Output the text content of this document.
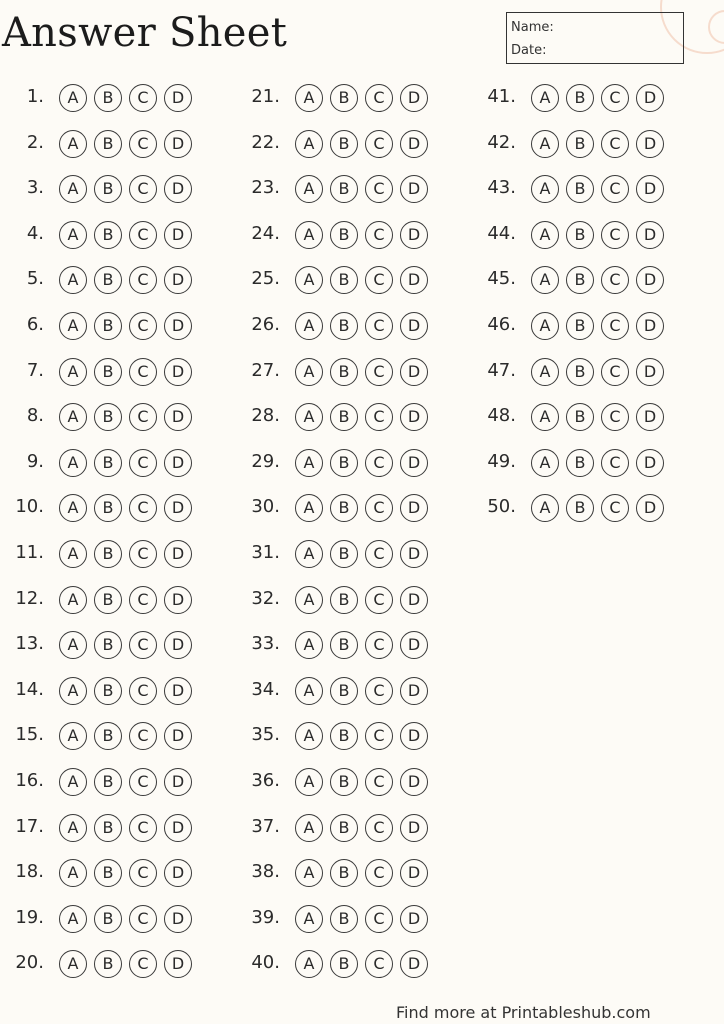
Answer Sheet	Name:
Date:
1.	A	B	C	D
2.	A	B	C	D
3.	A	B	C	D
4.	A	B	C	D
5.	A	B	C	D
6.	A	B	C	D
7.	A	B	C	D
8.	A	B	C	D
9.	A	B	C	D
10.	A	B	C	D
11.	A	B	C	D
12.	A	B	C	D
13.	A	B	C	D
14.	A	B	C	D
15.	A	B	C	D
16.	A	B	C	D
17.	A	B	C	D
18.	A	B	C	D
19.	A	B	C	D
20.	A	B	C	D
21.	A	B	C	D
22.	A	B	C	D
23.	A	B	C	D
24.	A	B	C	D
25.	A	B	C	D
26.	A	B	C	D
27.	A	B	C	D
28.	A	B	C	D
29.	A	B	C	D
30.	A	B	C	D
31.	A	B	C	D
32.	A	B	C	D
33.	A	B	C	D
34.	A	B	C	D
35.	A	B	C	D
36.	A	B	C	D
37.	A	B	C	D
38.	A	B	C	D
39.	A	B	C	D
40.	A	B	C	D
41.	A	B	C	D
42.	A	B	C	D
43.	A	B	C	D
44.	A	B	C	D
45.	A	B	C	D
46.	A	B	C	D
47.	A	B	C	D
48.	A	B	C	D
49.	A	B	C	D
50.	A	B	C	D
Find more at Printableshub.com
